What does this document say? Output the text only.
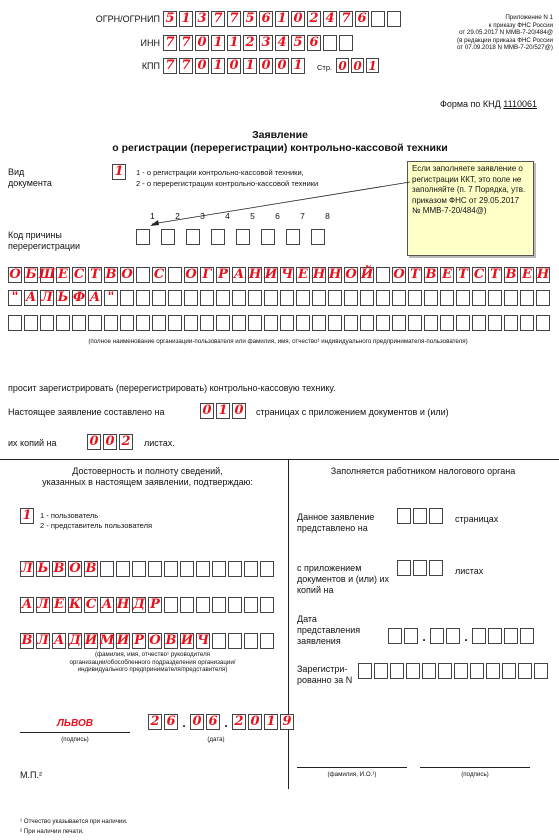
ОГРН/ОГРНИП 5 1 3 7 7 5 6 1 0 2 4 7 6
ИНН 7 7 0 1 1 2 3 4 5 6
КПП 7 7 0 1 0 1 0 0 1	Стр. 0 0 1
Приложение N 1
к приказу ФНС России
от 29.05.2017 N ММВ-7-20/484@
(в редакции приказа ФНС России
от 07.09.2018 N ММВ-7-20/527@)
Форма по КНД 1110061
Заявление
о регистрации (перерегистрации) контрольно-кассовой техники
Вид документа
1	1 - о регистрации контрольно-кассовой техники,
2 - о перерегистрации контрольно-кассовой техники
Если заполняете заявление о регистрации ККТ, это поле не заполняйте (п. 7 Порядка, утв. приказом ФНС от 29.05.2017 № ММВ-7-20/484@)
1	2	3	4	5	6	7	8
Код причины перерегистрации
О Б Щ Е С Т В О С О Г Р А Н И Ч Е Н Н О Й О Т В Е Т С Т В Е Н
" А Л Ь Ф А "
(полное наименование организации-пользователя или фамилия, имя, отчество¹ индивидуального предпринимателя-пользователя)
просит зарегистрировать (перерегистрировать) контрольно-кассовую технику.
Настоящее заявление составлено на	0 1 0 страницах с приложением документов и (или)
их копий на	0 0 2 листах.
Достоверность и полноту сведений,
указанных в настоящем заявлении, подтверждаю:
1	1 - пользователь
2 - представитель пользователя
Л Ь В О В
А Л Е К С А Н Д Р
В Л А Д И М И Р О В И Ч
(фамилия, имя, отчество¹ руководителя
организации/обособленного подразделения организации/
индивидуального предпринимателя/представителя)
ЛЬВОВ
(подпись)
2 6 . 0 6 . 2 0 1 9
(дата)
М.П.²
Заполняется работником налогового органа
Данное заявление представлено на
страницах
с приложением документов и (или) их копий на
листах
Дата представления заявления	.	.
Зарегистри-рованно за N
(фамилия, И.О.¹)	(подпись)
¹ Отчество указывается при наличии.
² При наличии печати.
